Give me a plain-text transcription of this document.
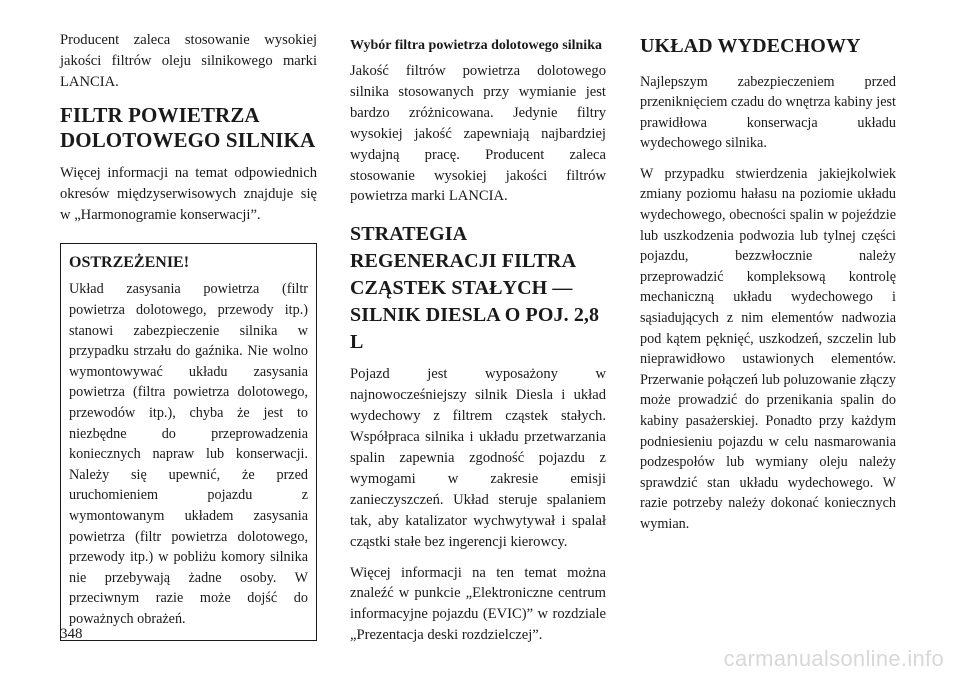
Producent zaleca stosowanie wysokiej jakości filtrów oleju silnikowego marki LANCIA.

FILTR POWIETRZA DOLOTOWEGO SILNIKA

Więcej informacji na temat odpowiednich okresów międzyserwisowych znajduje się w „Harmonogramie konserwacji”.

OSTRZEŻENIE!

Układ zasysania powietrza (filtr powietrza dolotowego, przewody itp.) stanowi zabezpieczenie silnika w przypadku strzału do gaźnika. Nie wolno wymontowywać układu zasysania powietrza (filtra powietrza dolotowego, przewodów itp.), chyba że jest to niezbędne do przeprowadzenia koniecznych napraw lub konserwacji. Należy się upewnić, że przed uruchomieniem pojazdu z wymontowanym układem zasysania powietrza (filtr powietrza dolotowego, przewody itp.) w pobliżu komory silnika nie przebywają żadne osoby. W przeciwnym razie może dojść do poważnych obrażeń.

Wybór filtra powietrza dolotowego silnika

Jakość filtrów powietrza dolotowego silnika stosowanych przy wymianie jest bardzo zróżnicowana. Jedynie filtry wysokiej jakość zapewniają najbardziej wydajną pracę. Producent zaleca stosowanie wysokiej jakości filtrów powietrza marki LANCIA.

STRATEGIA REGENERACJI FILTRA CZĄSTEK STAŁYCH — SILNIK DIESLA O POJ. 2,8 L

Pojazd jest wyposażony w najnowocześniejszy silnik Diesla i układ wydechowy z filtrem cząstek stałych. Współpraca silnika i układu przetwarzania spalin zapewnia zgodność pojazdu z wymogami w zakresie emisji zanieczyszczeń. Układ steruje spalaniem tak, aby katalizator wychwytywał i spalał cząstki stałe bez ingerencji kierowcy.

Więcej informacji na ten temat można znaleźć w punkcie „Elektroniczne centrum informacyjne pojazdu (EVIC)” w rozdziale „Prezentacja deski rozdzielczej”.

UKŁAD WYDECHOWY

Najlepszym zabezpieczeniem przed przeniknięciem czadu do wnętrza kabiny jest prawidłowa konserwacja układu wydechowego silnika.

W przypadku stwierdzenia jakiejkolwiek zmiany poziomu hałasu na poziomie układu wydechowego, obecności spalin w pojeździe lub uszkodzenia podwozia lub tylnej części pojazdu, bezzwłocznie należy przeprowadzić kompleksową kontrolę mechaniczną układu wydechowego i sąsiadujących z nim elementów nadwozia pod kątem pęknięć, uszkodzeń, szczelin lub nieprawidłowo ustawionych elementów. Przerwanie połączeń lub poluzowanie złączy może prowadzić do przenikania spalin do kabiny pasażerskiej. Ponadto przy każdym podniesieniu pojazdu w celu nasmarowania podzespołów lub wymiany oleju należy sprawdzić stan układu wydechowego. W razie potrzeby należy dokonać koniecznych wymian.

348
carmanualsonline.info
